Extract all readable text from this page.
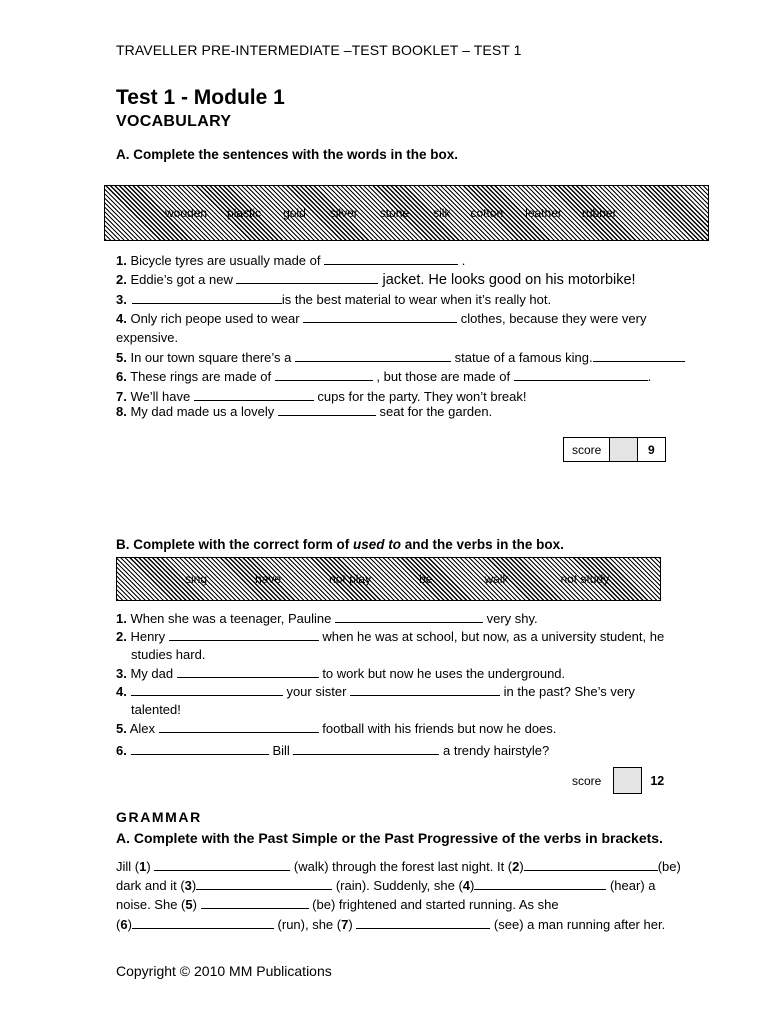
TRAVELLER PRE-INTERMEDIATE –TEST BOOKLET – TEST 1
Test 1 - Module 1
VOCABULARY
A. Complete the sentences with the words in the box.
wooden plastic gold silver stone silk cotton leather rubber
1. Bicycle tyres are usually made of	.
2. Eddie’s got a new	jacket. He looks good on his motorbike!
3.	is the best material to wear when it’s really hot.
4. Only rich peope used to wear	clothes, because they were very
expensive.
5. In our town square there’s a	statue of a famous king.
6. These rings are made of	, but those are made of	.
7. We’ll have	cups for the party. They won’t break!
8. My dad made us a lovely	seat for the garden.
score	9
B. Complete with the correct form of used to and the verbs in the box.
sing	have	not play	be	walk	not study
1. When she was a teenager, Pauline	very shy.
2. Henry	when he was at school, but now, as a university student, he
studies hard.
3. My dad	to work but now he uses the underground.
4.	your sister	in the past? She’s very
talented!
5. Alex	football with his friends but now he does.
6.	Bill	a trendy hairstyle?
score	12
GRAMMAR
A. Complete with the Past Simple or the Past Progressive of the verbs in brackets.
Jill (1)	(walk) through the forest last night. It (2)	(be)
dark and it (3)	(rain). Suddenly, she (4)	(hear) a
noise. She (5)	(be) frightened and started running. As she
(6)	(run), she (7)	(see) a man running after her.
Copyright © 2010 MM Publications
